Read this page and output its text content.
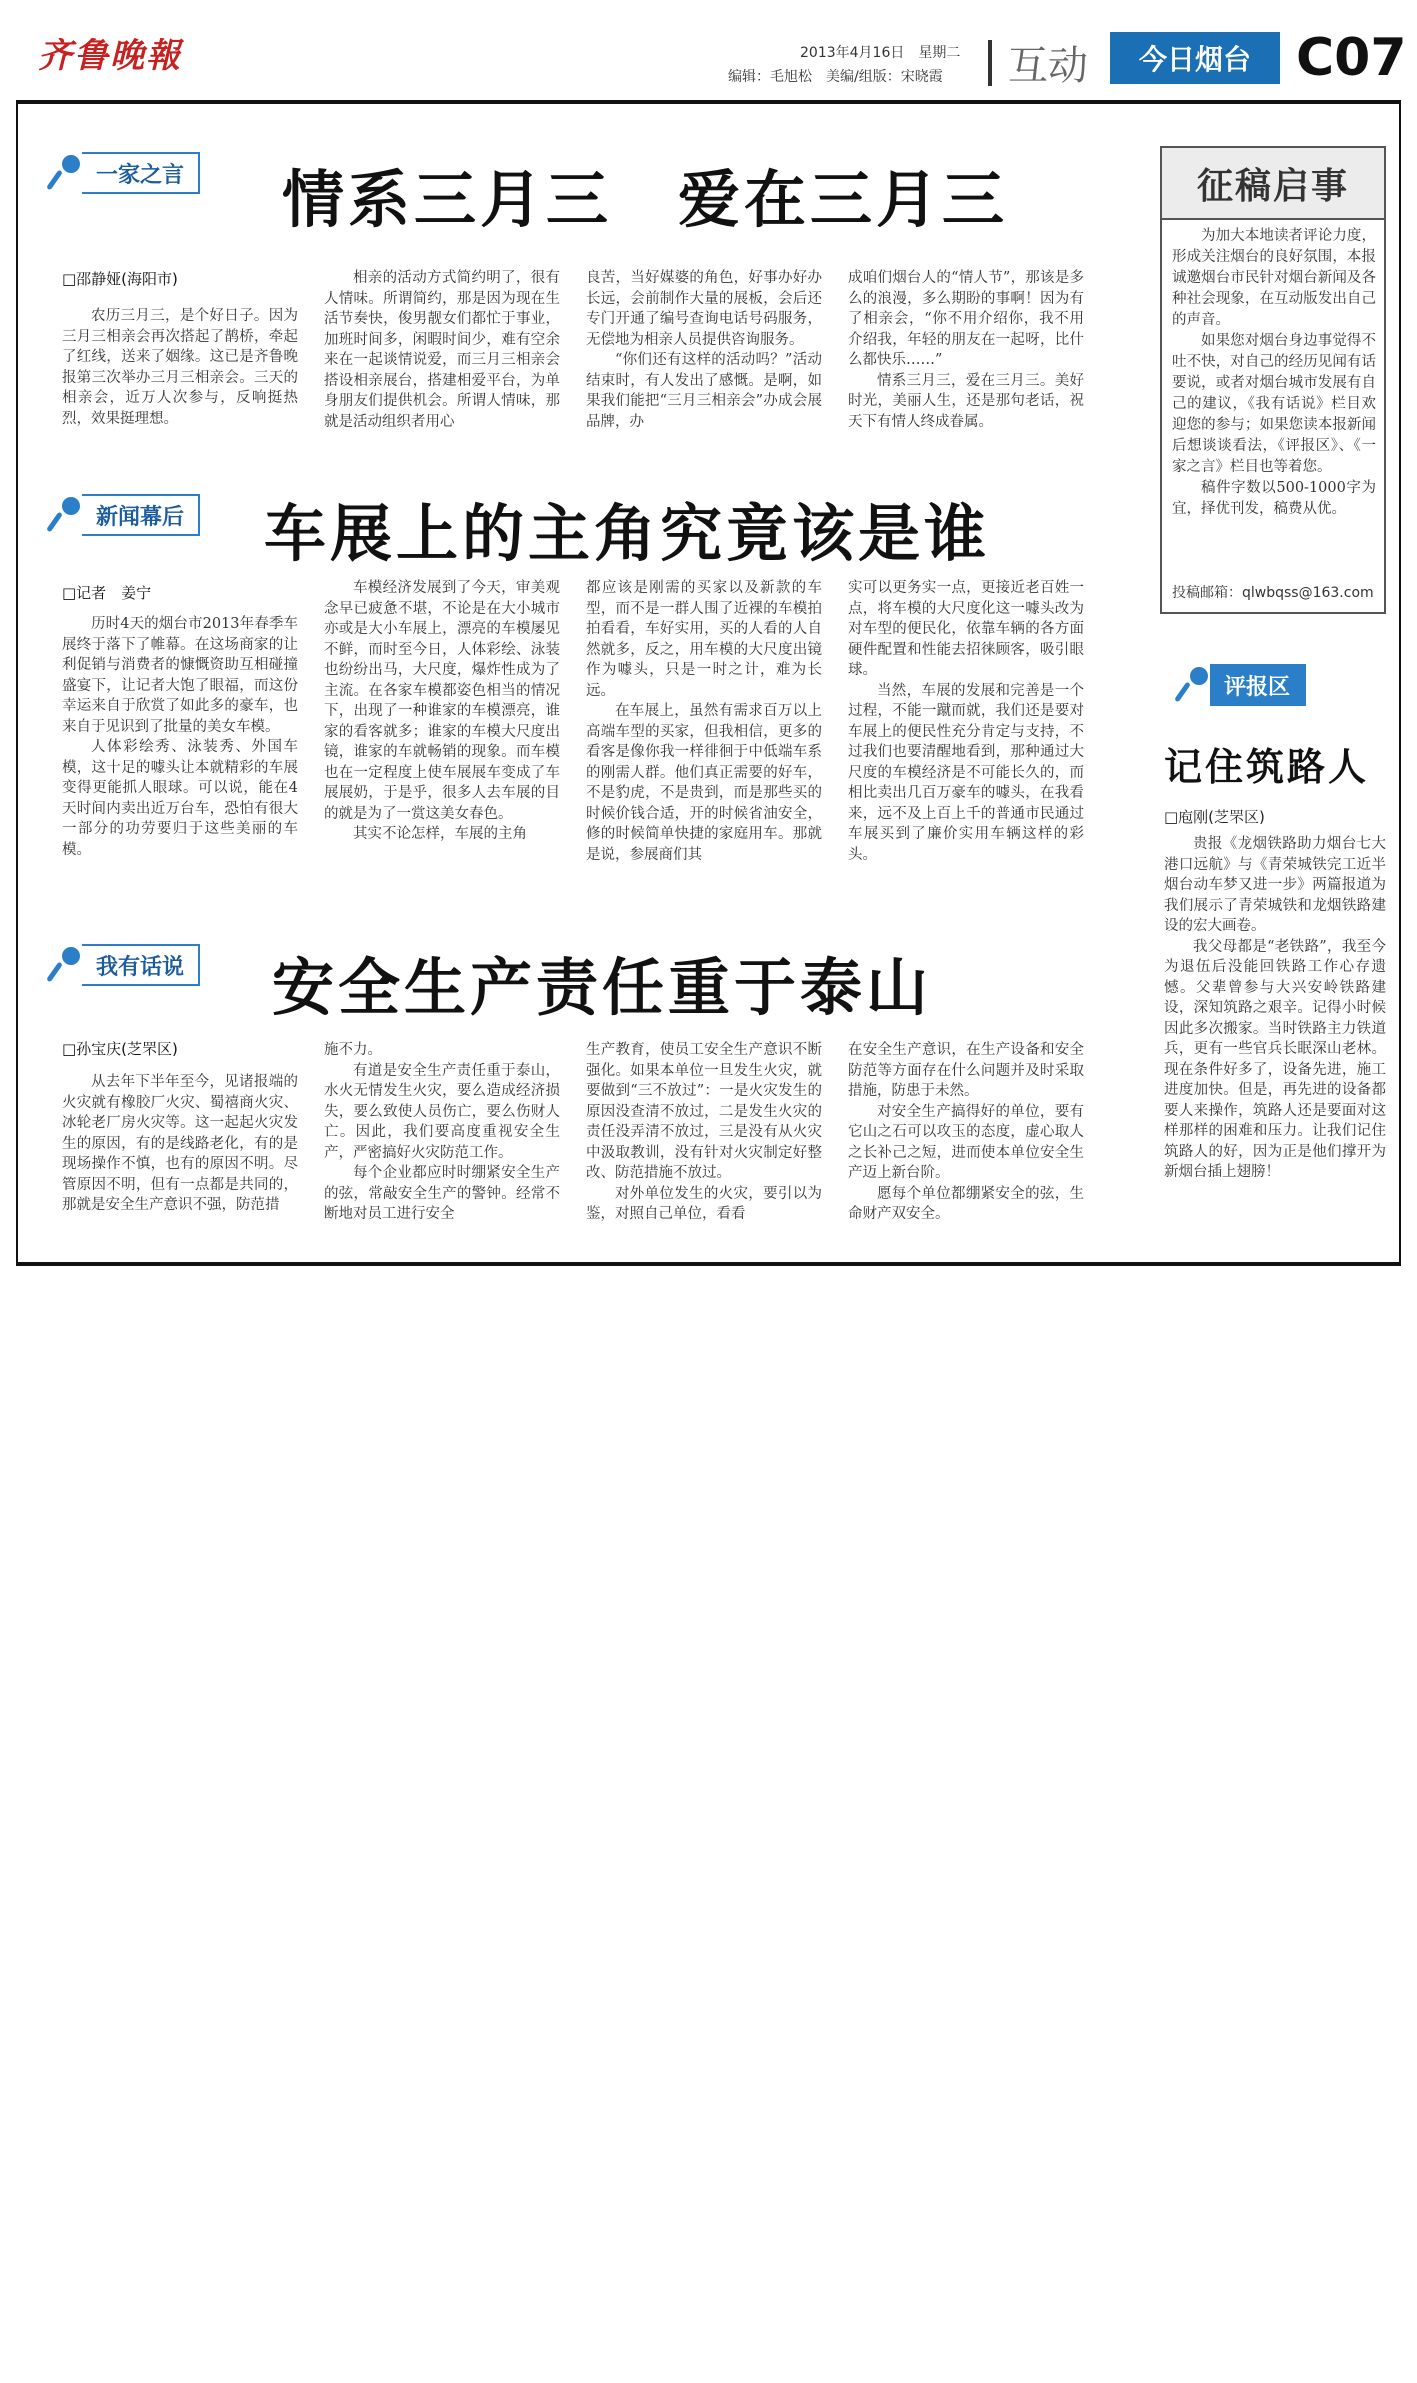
齐鲁晚報	2013年4月16日　星期二
编辑：毛旭松　美编/组版：宋晓霞 互动	今日烟台 C07
一家之言 情系三月三　爱在三月三
□邵静娅(海阳市)

农历三月三，是个好日子。因为三月三相亲会再次搭起了鹊桥，牵起了红线，送来了姻缘。这已是齐鲁晚报第三次举办三月三相亲会。三天的相亲会，近万人次参与，反响挺热烈，效果挺理想。

相亲的活动方式简约明了，很有人情味。所谓简约，那是因为现在生活节奏快，俊男靓女们都忙于事业，加班时间多，闲暇时间少，难有空余来在一起谈情说爱，而三月三相亲会搭设相亲展台，搭建相爱平台，为单身朋友们提供机会。所谓人情味，那就是活动组织者用心

良苦，当好媒婆的角色，好事办好办长远，会前制作大量的展板，会后还专门开通了编号查询电话号码服务，无偿地为相亲人员提供咨询服务。

“你们还有这样的活动吗？”活动结束时，有人发出了感慨。是啊，如果我们能把“三月三相亲会”办成会展品牌，办

成咱们烟台人的“情人节”，那该是多么的浪漫，多么期盼的事啊！因为有了相亲会，“你不用介绍你，我不用介绍我，年轻的朋友在一起呀，比什么都快乐……”

情系三月三，爱在三月三。美好时光，美丽人生，还是那句老话，祝天下有情人终成眷属。

新闻幕后 车展上的主角究竟该是谁
□记者　姜宁

历时4天的烟台市2013年春季车展终于落下了帷幕。在这场商家的让利促销与消费者的慷慨资助互相碰撞盛宴下，让记者大饱了眼福，而这份幸运来自于欣赏了如此多的豪车，也来自于见识到了批量的美女车模。

人体彩绘秀、泳装秀、外国车模，这十足的噱头让本就精彩的车展变得更能抓人眼球。可以说，能在4天时间内卖出近万台车，恐怕有很大一部分的功劳要归于这些美丽的车模。

车模经济发展到了今天，审美观念早已疲惫不堪，不论是在大小城市亦或是大小车展上，漂亮的车模屡见不鲜，而时至今日，人体彩绘、泳装也纷纷出马，大尺度，爆炸性成为了主流。在各家车模都姿色相当的情况下，出现了一种谁家的车模漂亮，谁家的看客就多；谁家的车模大尺度出镜，谁家的车就畅销的现象。而车模也在一定程度上使车展展车变成了车展展奶，于是乎，很多人去车展的目的就是为了一赏这美女春色。

其实不论怎样，车展的主角

都应该是刚需的买家以及新款的车型，而不是一群人围了近裸的车模拍拍看看，车好实用，买的人看的人自然就多，反之，用车模的大尺度出镜作为噱头，只是一时之计，难为长远。

在车展上，虽然有需求百万以上高端车型的买家，但我相信，更多的看客是像你我一样徘徊于中低端车系的刚需人群。他们真正需要的好车，不是豹虎，不是贵到，而是那些买的时候价钱合适，开的时候省油安全，修的时候简单快捷的家庭用车。那就是说，参展商们其

实可以更务实一点，更接近老百姓一点，将车模的大尺度化这一噱头改为对车型的便民化，依靠车辆的各方面硬件配置和性能去招徕顾客，吸引眼球。

当然，车展的发展和完善是一个过程，不能一蹴而就，我们还是要对车展上的便民性充分肯定与支持，不过我们也要清醒地看到，那种通过大尺度的车模经济是不可能长久的，而相比卖出几百万豪车的噱头，在我看来，远不及上百上千的普通市民通过车展买到了廉价实用车辆这样的彩头。

我有话说 安全生产责任重于泰山
□孙宝庆(芝罘区)

从去年下半年至今，见诸报端的火灾就有橡胶厂火灾、蜀禧商火灾、冰轮老厂房火灾等。这一起起火灾发生的原因，有的是线路老化，有的是现场操作不慎，也有的原因不明。尽管原因不明，但有一点都是共同的，那就是安全生产意识不强，防范措

施不力。

有道是安全生产责任重于泰山，水火无情发生火灾，要么造成经济损失，要么致使人员伤亡，要么伤财人亡。因此，我们要高度重视安全生产，严密搞好火灾防范工作。

每个企业都应时时绷紧安全生产的弦，常敲安全生产的警钟。经常不断地对员工进行安全

生产教育，使员工安全生产意识不断强化。如果本单位一旦发生火灾，就要做到“三不放过”：一是火灾发生的原因没查清不放过，二是发生火灾的责任没弄清不放过，三是没有从火灾中汲取教训，没有针对火灾制定好整改、防范措施不放过。

对外单位发生的火灾，要引以为鉴，对照自己单位，看看

在安全生产意识，在生产设备和安全防范等方面存在什么问题并及时采取措施，防患于未然。

对安全生产搞得好的单位，要有它山之石可以攻玉的态度，虚心取人之长补己之短，进而使本单位安全生产迈上新台阶。

愿每个单位都绷紧安全的弦，生命财产双安全。

征稿启事

为加大本地读者评论力度，形成关注烟台的良好氛围，本报诚邀烟台市民针对烟台新闻及各种社会现象，在互动版发出自己的声音。

如果您对烟台身边事觉得不吐不快，对自己的经历见闻有话要说，或者对烟台城市发展有自己的建议，《我有话说》栏目欢迎您的参与；如果您读本报新闻后想谈谈看法，《评报区》、《一家之言》栏目也等着您。

稿件字数以500-1000字为宜，择优刊发，稿费从优。

投稿邮箱：qlwbqss@163.com
评报区
记住筑路人
□庖刚(芝罘区)

贵报《龙烟铁路助力烟台七大港口远航》与《青荣城铁完工近半　烟台动车梦又进一步》两篇报道为我们展示了青荣城铁和龙烟铁路建设的宏大画卷。

我父母都是“老铁路”，我至今为退伍后没能回铁路工作心存遗憾。父辈曾参与大兴安岭铁路建设，深知筑路之艰辛。记得小时候因此多次搬家。当时铁路主力铁道兵，更有一些官兵长眠深山老林。现在条件好多了，设备先进，施工进度加快。但是，再先进的设备都要人来操作，筑路人还是要面对这样那样的困难和压力。让我们记住筑路人的好，因为正是他们撑开为新烟台插上翅膀！
